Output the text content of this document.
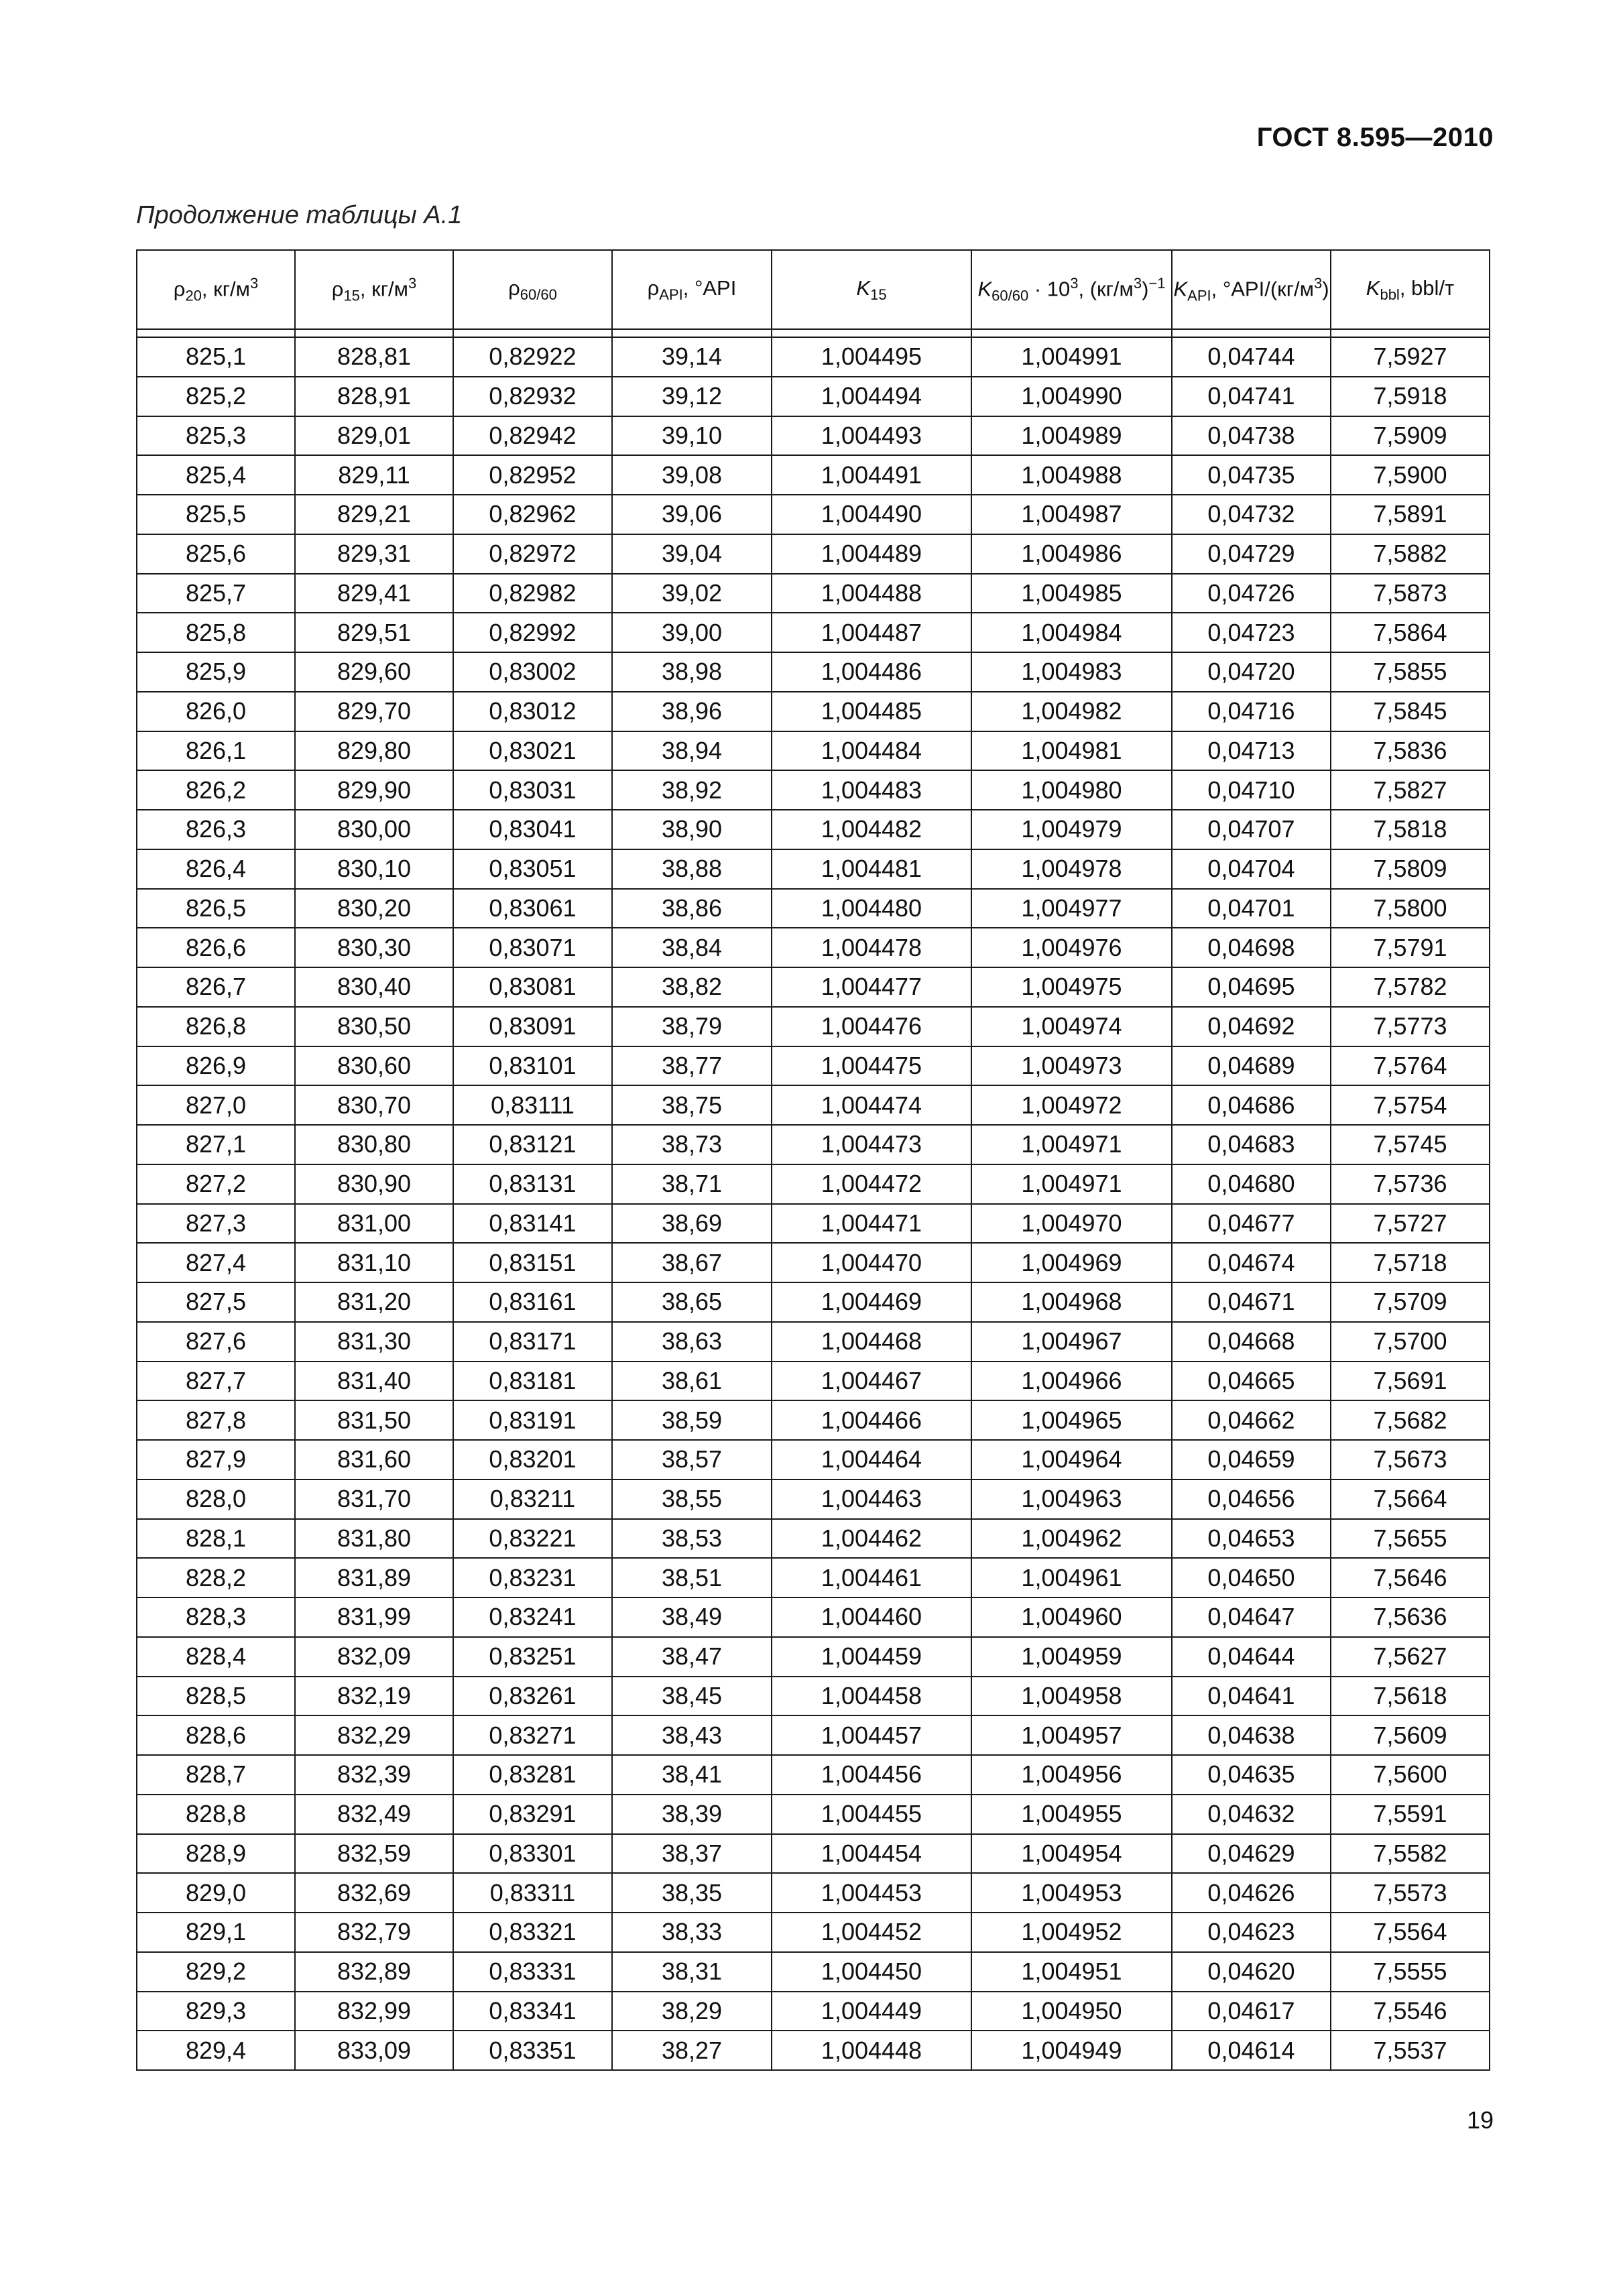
ГОСТ 8.595—2010
Продолжение таблицы А.1
$\rho_{20}$, $кг/м^3$	$\rho_{15}$, $кг/м^3$	$\rho_{60/60}$	$\rho_{API}$, °API	$K_{15}$	$K_{60/60} \cdot 10^3$, $(кг/м^3)^{-1}$	$K_{API}$, $^\circ API/(кг/м^3)$	$K_{bbl}$, bbl/т

825,1	828,81	0,82922	39,14	1,004495	1,004991	0,04744	7,5927
825,2	828,91	0,82932	39,12	1,004494	1,004990	0,04741	7,5918
825,3	829,01	0,82942	39,10	1,004493	1,004989	0,04738	7,5909
825,4	829,11	0,82952	39,08	1,004491	1,004988	0,04735	7,5900
825,5	829,21	0,82962	39,06	1,004490	1,004987	0,04732	7,5891
825,6	829,31	0,82972	39,04	1,004489	1,004986	0,04729	7,5882
825,7	829,41	0,82982	39,02	1,004488	1,004985	0,04726	7,5873
825,8	829,51	0,82992	39,00	1,004487	1,004984	0,04723	7,5864
825,9	829,60	0,83002	38,98	1,004486	1,004983	0,04720	7,5855
826,0	829,70	0,83012	38,96	1,004485	1,004982	0,04716	7,5845
826,1	829,80	0,83021	38,94	1,004484	1,004981	0,04713	7,5836
826,2	829,90	0,83031	38,92	1,004483	1,004980	0,04710	7,5827
826,3	830,00	0,83041	38,90	1,004482	1,004979	0,04707	7,5818
826,4	830,10	0,83051	38,88	1,004481	1,004978	0,04704	7,5809
826,5	830,20	0,83061	38,86	1,004480	1,004977	0,04701	7,5800
826,6	830,30	0,83071	38,84	1,004478	1,004976	0,04698	7,5791
826,7	830,40	0,83081	38,82	1,004477	1,004975	0,04695	7,5782
826,8	830,50	0,83091	38,79	1,004476	1,004974	0,04692	7,5773
826,9	830,60	0,83101	38,77	1,004475	1,004973	0,04689	7,5764
827,0	830,70	0,83111	38,75	1,004474	1,004972	0,04686	7,5754
827,1	830,80	0,83121	38,73	1,004473	1,004971	0,04683	7,5745
827,2	830,90	0,83131	38,71	1,004472	1,004971	0,04680	7,5736
827,3	831,00	0,83141	38,69	1,004471	1,004970	0,04677	7,5727
827,4	831,10	0,83151	38,67	1,004470	1,004969	0,04674	7,5718
827,5	831,20	0,83161	38,65	1,004469	1,004968	0,04671	7,5709
827,6	831,30	0,83171	38,63	1,004468	1,004967	0,04668	7,5700
827,7	831,40	0,83181	38,61	1,004467	1,004966	0,04665	7,5691
827,8	831,50	0,83191	38,59	1,004466	1,004965	0,04662	7,5682
827,9	831,60	0,83201	38,57	1,004464	1,004964	0,04659	7,5673
828,0	831,70	0,83211	38,55	1,004463	1,004963	0,04656	7,5664
828,1	831,80	0,83221	38,53	1,004462	1,004962	0,04653	7,5655
828,2	831,89	0,83231	38,51	1,004461	1,004961	0,04650	7,5646
828,3	831,99	0,83241	38,49	1,004460	1,004960	0,04647	7,5636
828,4	832,09	0,83251	38,47	1,004459	1,004959	0,04644	7,5627
828,5	832,19	0,83261	38,45	1,004458	1,004958	0,04641	7,5618
828,6	832,29	0,83271	38,43	1,004457	1,004957	0,04638	7,5609
828,7	832,39	0,83281	38,41	1,004456	1,004956	0,04635	7,5600
828,8	832,49	0,83291	38,39	1,004455	1,004955	0,04632	7,5591
828,9	832,59	0,83301	38,37	1,004454	1,004954	0,04629	7,5582
829,0	832,69	0,83311	38,35	1,004453	1,004953	0,04626	7,5573
829,1	832,79	0,83321	38,33	1,004452	1,004952	0,04623	7,5564
829,2	832,89	0,83331	38,31	1,004450	1,004951	0,04620	7,5555
829,3	832,99	0,83341	38,29	1,004449	1,004950	0,04617	7,5546
829,4	833,09	0,83351	38,27	1,004448	1,004949	0,04614	7,5537
19
